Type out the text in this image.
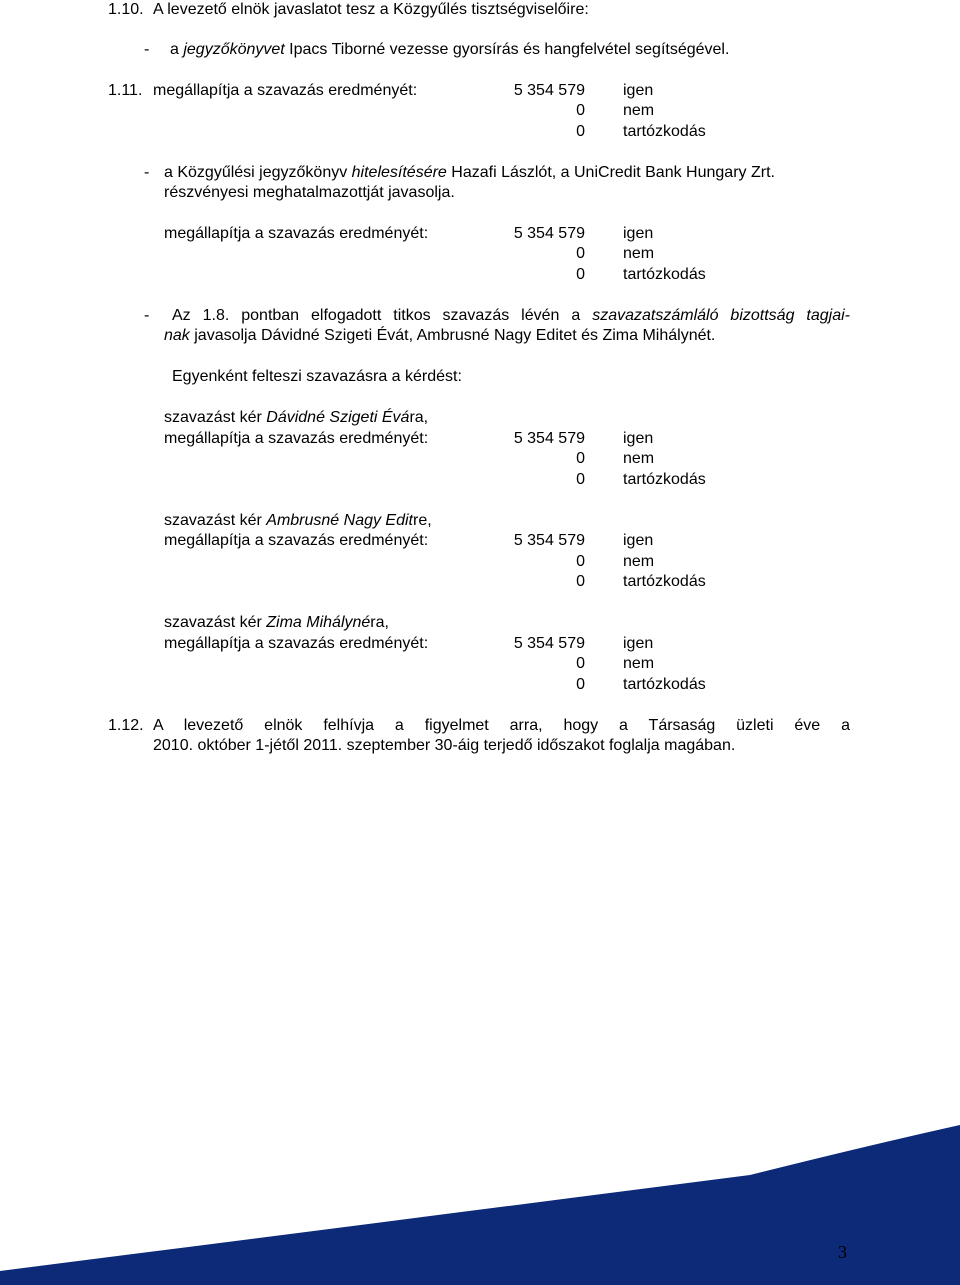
1.10. A levezető elnök javaslatot tesz a Közgyűlés tisztségviselőire:
- a jegyzőkönyvet Ipacs Tiborné vezesse gyorsírás és hangfelvétel segítségével.
1.11. megállapítja a szavazás eredményét:	5 354 579 igen
0 nem
0 tartózkodás
- a Közgyűlési jegyzőkönyv hitelesítésére Hazafi Lászlót, a UniCredit Bank Hungary Zrt.
részvényesi meghatalmazottját javasolja.
megállapítja a szavazás eredményét:	5 354 579 igen
0 nem
0 tartózkodás
- Az 1.8. pontban elfogadott titkos szavazás lévén a szavazatszámláló bizottság tagjai-
nak javasolja Dávidné Szigeti Évát, Ambrusné Nagy Editet és Zima Mihálynét.
Egyenként felteszi szavazásra a kérdést:
szavazást kér Dávidné Szigeti Évára,
megállapítja a szavazás eredményét:	5 354 579 igen
0 nem
0 tartózkodás
szavazást kér Ambrusné Nagy Editre,
megállapítja a szavazás eredményét:	5 354 579 igen
0 nem
0 tartózkodás
szavazást kér Zima Mihálynéra,
megállapítja a szavazás eredményét:	5 354 579 igen
0 nem
0 tartózkodás
1.12. A levezető elnök felhívja a figyelmet arra, hogy a Társaság üzleti éve a
2010. október 1-jétől 2011. szeptember 30-áig terjedő időszakot foglalja magában.
3
